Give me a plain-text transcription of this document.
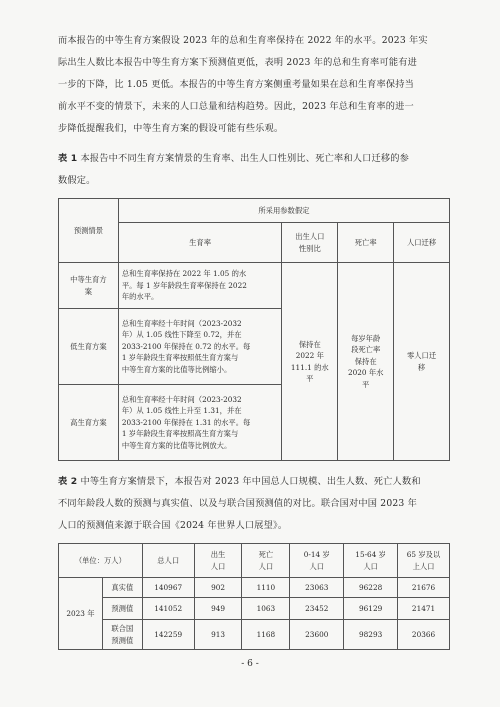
而本报告的中等生育方案假设 2023 年的总和生育率保持在 2022 年的水平。2023 年实

际出生人数比本报告中等生育方案下预测值更低，表明 2023 年的总和生育率可能有进

一步的下降，比 1.05 更低。本报告的中等生育方案侧重考量如果在总和生育率保持当

前水平不变的情景下，未来的人口总量和结构趋势。因此，2023 年总和生育率的进一

步降低提醒我们，中等生育方案的假设可能有些乐观。

表 1 本报告中不同生育方案情景的生育率、出生人口性别比、死亡率和人口迁移的参
数假定。
预测情景	所采用参数假定			
	生育率	出生人口
性别比	死亡率	人口迁移
中等生育方
案	总和生育率保持在 2022 年 1.05 的水
平。每 1 岁年龄段生育率保持在 2022
年的水平。	保持在
2022 年
111.1 的水
平	每岁年龄
段死亡率
保持在
2020 年水
平	零人口迁
移
低生育方案	总和生育率经十年时间（2023-2032
年）从 1.05 线性下降至 0.72，并在
2033-2100 年保持在 0.72 的水平。每
1 岁年龄段生育率按照低生育方案与
中等生育方案的比值等比例缩小。			
高生育方案	总和生育率经十年时间（2023-2032
年）从 1.05 线性上升至 1.31，并在
2033-2100 年保持在 1.31 的水平。每
1 岁年龄段生育率按照高生育方案与
中等生育方案的比值等比例放大。			
表 2 中等生育方案情景下，本报告对 2023 年中国总人口规模、出生人数、死亡人数和
不同年龄段人数的预测与真实值、以及与联合国预测值的对比。联合国对中国 2023 年
人口的预测值来源于联合国《2024 年世界人口展望》。
（单位：万人）		总人口	出生
人口	死亡
人口	0-14 岁
人口	15-64 岁
人口	65 岁及以
上人口
2023 年	真实值	140967	902	1110	23063	96228	21676
	预测值	141052	949	1063	23452	96129	21471
	联合国
预测值	142259	913	1168	23600	98293	20366
- 6 -
